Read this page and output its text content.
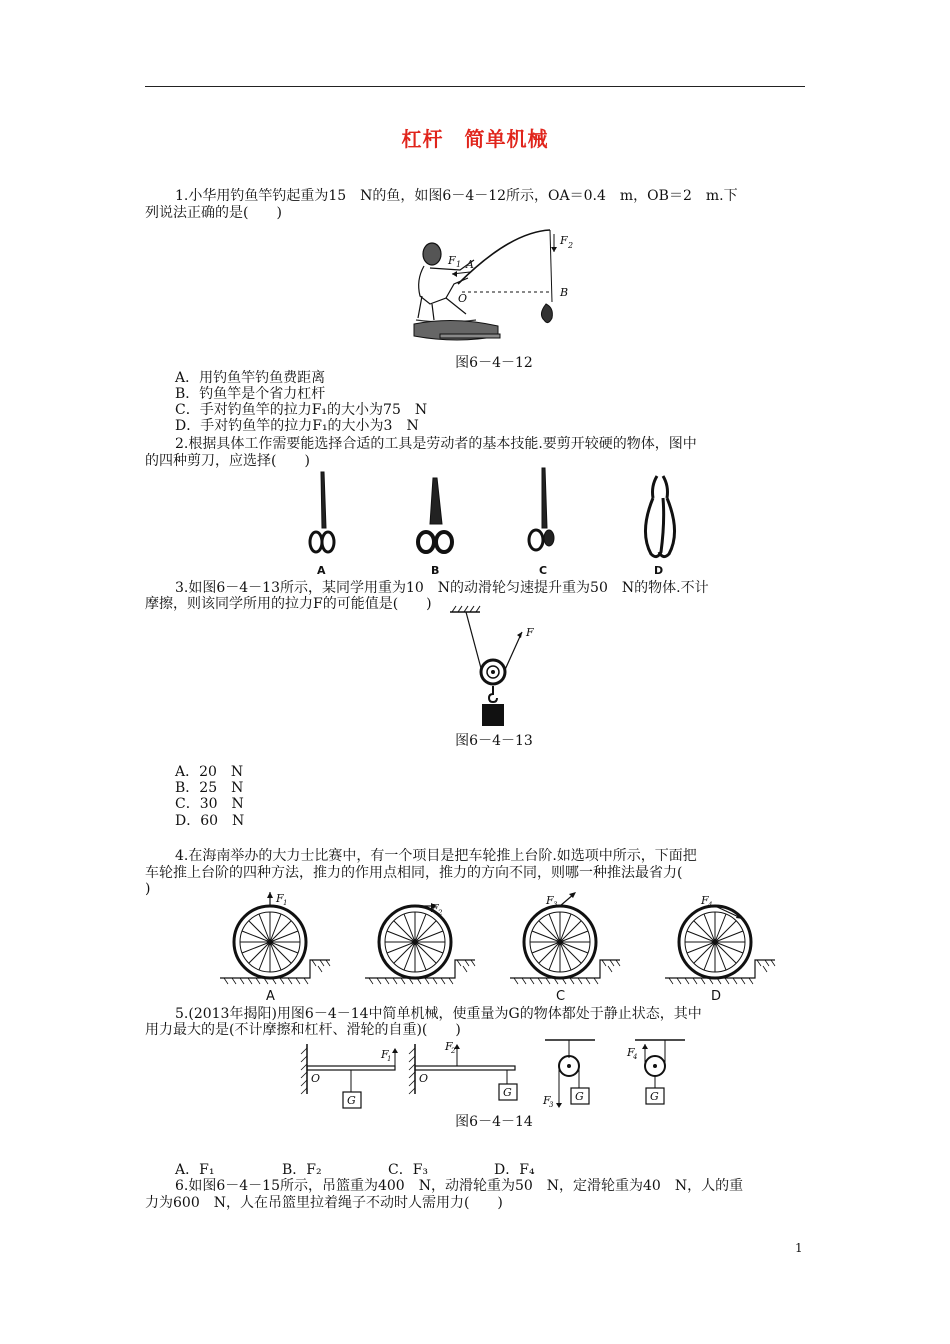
杠杆　简单机械
1.小华用钓鱼竿钓起重为15　N的鱼，如图6－4－12所示，OA＝0.4　m，OB＝2　m.下
列说法正确的是(　　)
F 1 A
O
F 2
B
图6－4－12
A．用钓鱼竿钓鱼费距离
B．钓鱼竿是个省力杠杆
C．手对钓鱼竿的拉力F₁的大小为75　N
D．手对钓鱼竿的拉力F₁的大小为3　N
2.根据具体工作需要能选择合适的工具是劳动者的基本技能.要剪开较硬的物体，图中
的四种剪刀，应选择(　　)
A	B	C	D
3.如图6－4－13所示，某同学用重为10　N的动滑轮匀速提升重为50　N的物体.不计
摩擦，则该同学所用的拉力F的可能值是(　　)
F
图6－4－13
A．20　N
B．25　N
C．30　N
D．60　N
4.在海南举办的大力士比赛中，有一个项目是把车轮推上台阶.如选项中所示，下面把
车轮推上台阶的四种方法，推力的作用点相同，推力的方向不同，则哪一种推法最省力(
)
F 1
A
F 2
F 3
C
F 4
D
5.(2013年揭阳)用图6－4－14中简单机械，使重量为G的物体都处于静止状态，其中
用力最大的是(不计摩擦和杠杆、滑轮的自重)(　　)
O
G
F
1
O
G
F
2
G
F
3
G
F
4
图6－4－14
A．F₁	B．F₂	C．F₃	D．F₄
6.如图6－4－15所示，吊篮重为400　N，动滑轮重为50　N，定滑轮重为40　N，人的重
力为600　N，人在吊篮里拉着绳子不动时人需用力(　　)
1
